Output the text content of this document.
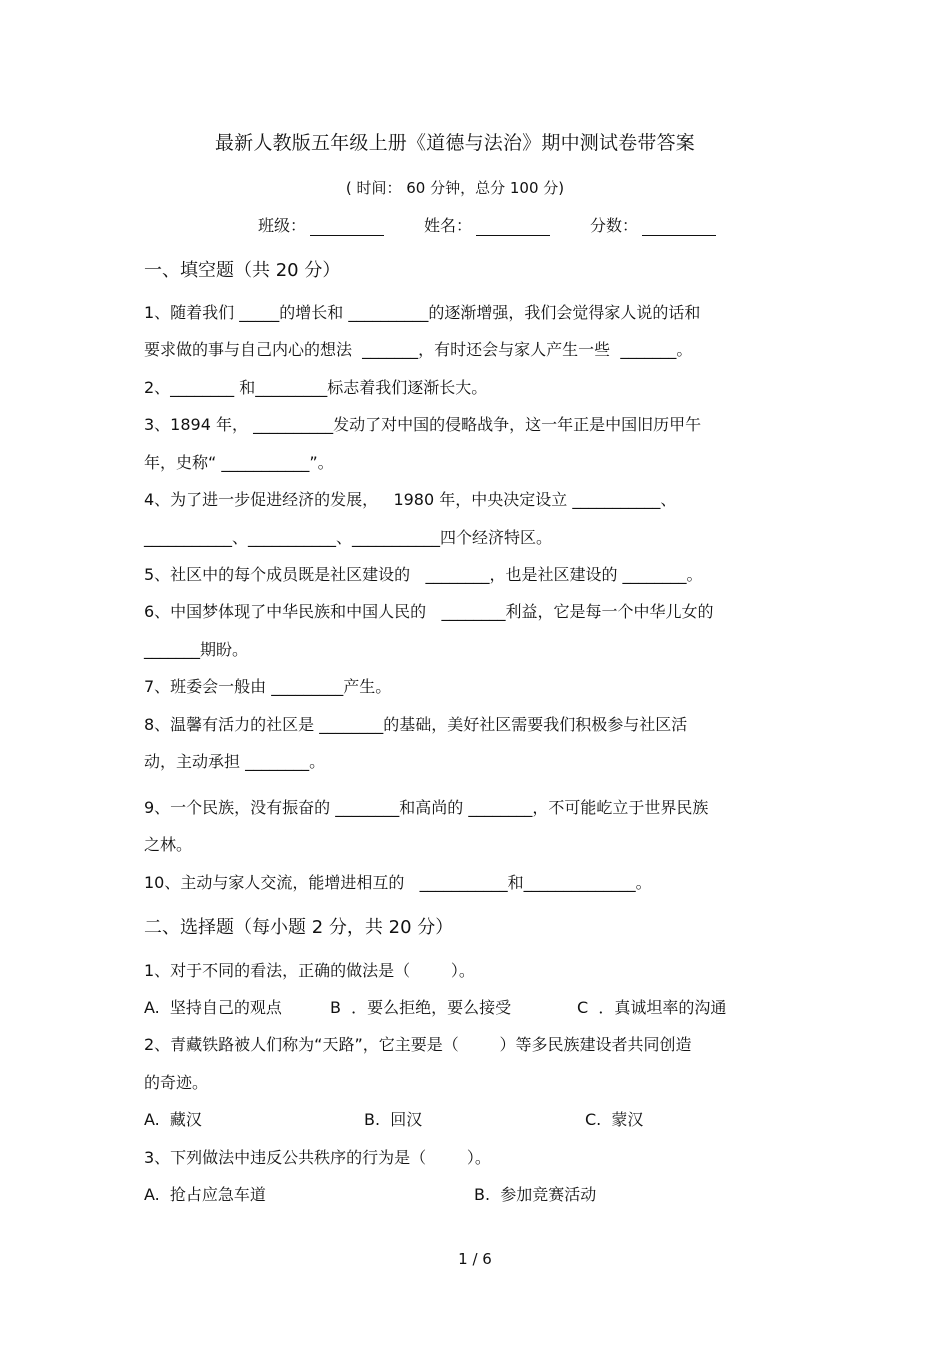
最新人教版五年级上册《道德与法治》期中测试卷带答案
( 时间： 60 分钟，总分 100 分)
班级：	姓名：	分数：
一、填空题（共 20 分）
1、随着我们 _____的增长和 __________的逐渐增强，我们会觉得家人说的话和
要求做的事与自己内心的想法  _______，有时还会与家人产生一些  _______。
2、________ 和_________标志着我们逐渐长大。
3、1894 年， __________发动了对中国的侵略战争，这一年正是中国旧历甲午
年，史称“ ___________”。
4、为了进一步促进经济的发展，   1980 年，中央决定设立 ___________、
___________、___________、___________四个经济特区。
5、社区中的每个成员既是社区建设的   ________，也是社区建设的 ________。
6、中国梦体现了中华民族和中国人民的   ________利益，它是每一个中华儿女的
_______期盼。
7、班委会一般由 _________产生。
8、温馨有活力的社区是 ________的基础，美好社区需要我们积极参与社区活
动，主动承担 ________。
9、一个民族，没有振奋的 ________和高尚的 ________，不可能屹立于世界民族
之林。
10、主动与家人交流，能增进相互的   ___________和______________。
二、选择题（每小题 2 分，共 20 分）
1、对于不同的看法，正确的做法是（        ）。
A.  坚持自己的观点	B  ．要么拒绝，要么接受	C  ．真诚坦率的沟通
2、青藏铁路被人们称为“天路”，它主要是（        ）等多民族建设者共同创造
的奇迹。
A.  藏汉	B.  回汉	C.  蒙汉
3、下列做法中违反公共秩序的行为是（        ）。
A.  抢占应急车道	B.  参加竞赛活动
1 / 6
